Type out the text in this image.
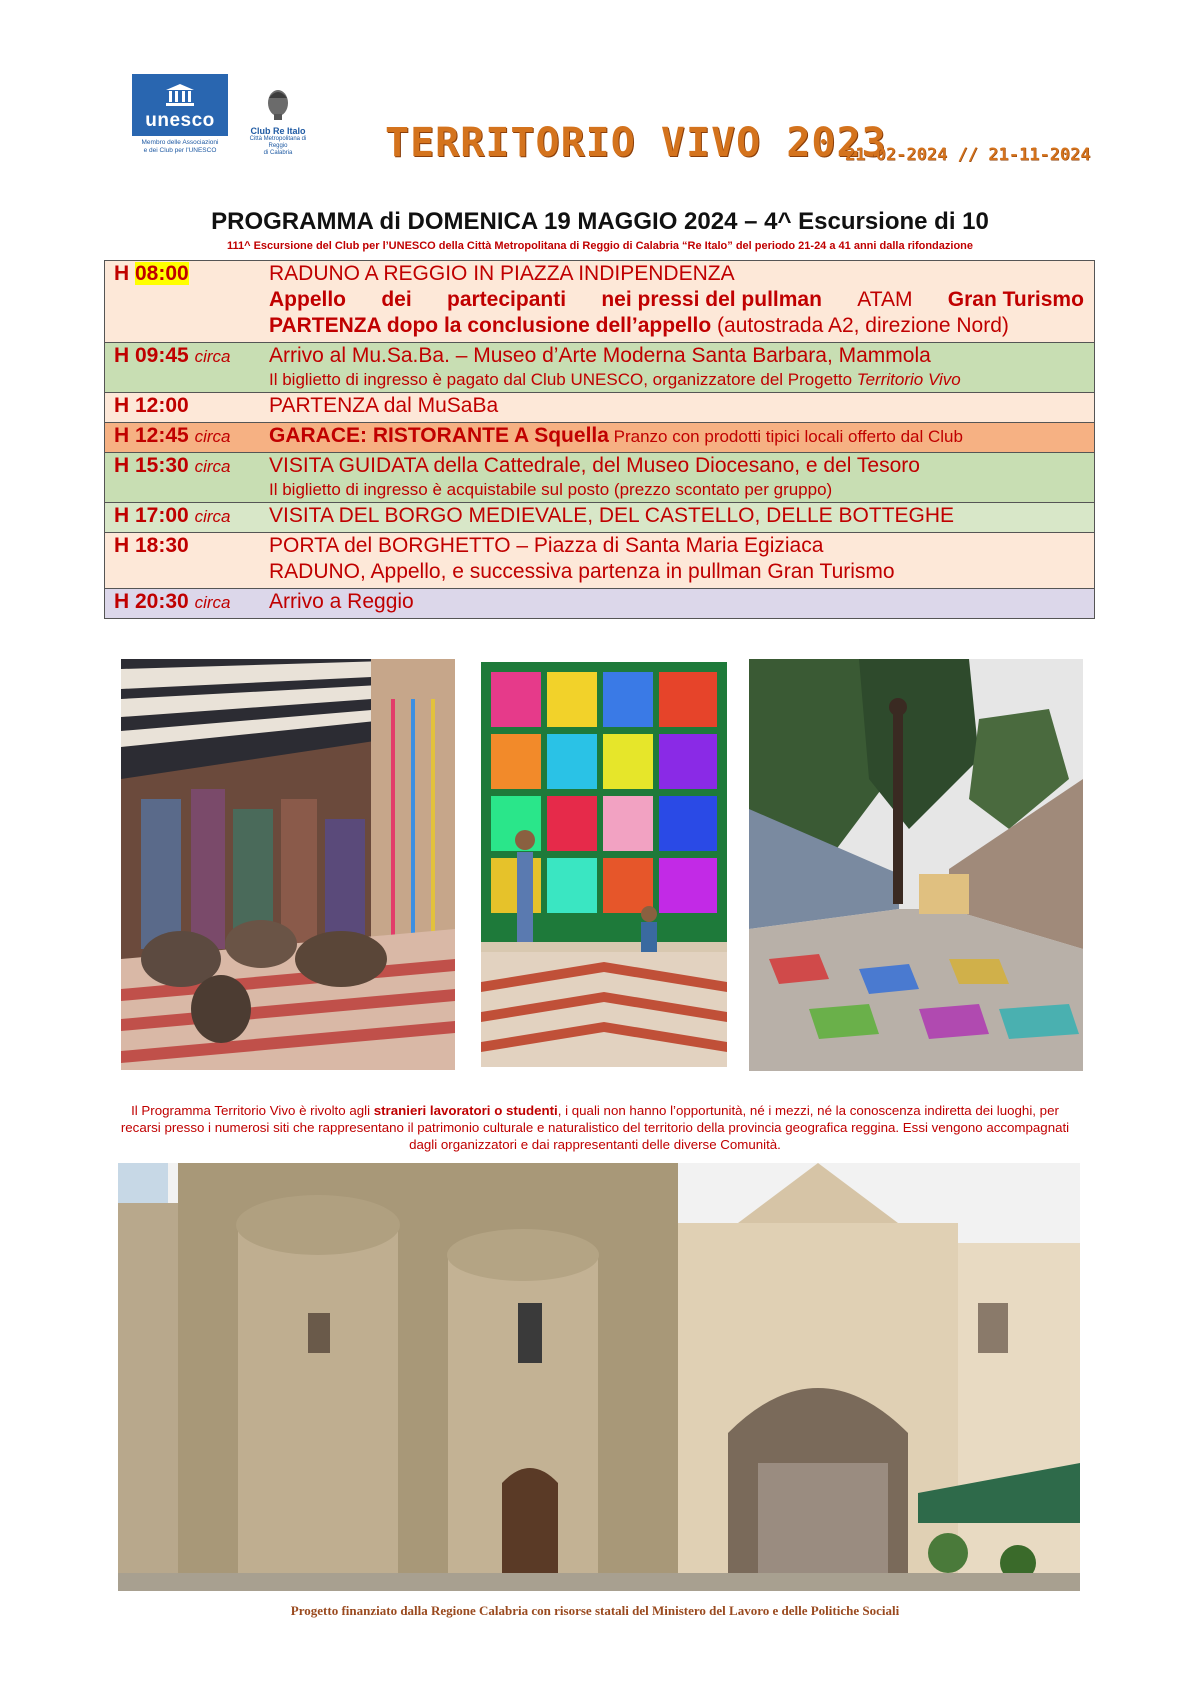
unesco
Membro delle Associazioni
e dei Club per l'UNESCO
Club Re Italo
Città Metropolitana di
Reggio
di Calabria	TERRITORIO VIVO 2023
21-02-2024 // 21-11-2024
PROGRAMMA di DOMENICA 19 MAGGIO 2024 – 4^ Escursione di 10
111^ Escursione del Club per l’UNESCO della Città Metropolitana di Reggio di Calabria “Re Italo” del periodo 21-24 a 41 anni dalla rifondazione
H 08:00	RADUNO A REGGIO IN PIAZZA INDIPENDENZA
Appello dei partecipanti nei pressi del pullman ATAM Gran Turismo
PARTENZA dopo la conclusione dell’appello (autostrada A2, direzione Nord)
H 09:45 circa	Arrivo al Mu.Sa.Ba. – Museo d’Arte Moderna Santa Barbara, Mammola
Il biglietto di ingresso è pagato dal Club UNESCO, organizzatore del Progetto Territorio Vivo
H 12:00	PARTENZA dal MuSaBa
H 12:45 circa	GARACE: RISTORANTE A Squella Pranzo con prodotti tipici locali offerto dal Club
H 15:30 circa	VISITA GUIDATA della Cattedrale, del Museo Diocesano, e del Tesoro
Il biglietto di ingresso è acquistabile sul posto (prezzo scontato per gruppo)
H 17:00 circa	VISITA DEL BORGO MEDIEVALE, DEL CASTELLO, DELLE BOTTEGHE
H 18:30	PORTA del BORGHETTO – Piazza di Santa Maria Egiziaca
RADUNO, Appello, e successiva partenza in pullman Gran Turismo
H 20:30 circa	Arrivo a Reggio
Il Programma Territorio Vivo è rivolto agli stranieri lavoratori o studenti, i quali non hanno l’opportunità, né i mezzi, né la conoscenza indiretta dei luoghi, per recarsi presso i numerosi siti che rappresentano il patrimonio culturale e naturalistico del territorio della provincia geografica reggina. Essi vengono accompagnati dagli organizzatori e dai rappresentanti delle diverse Comunità.
Progetto finanziato dalla Regione Calabria con risorse statali del Ministero del Lavoro e delle Politiche Sociali
